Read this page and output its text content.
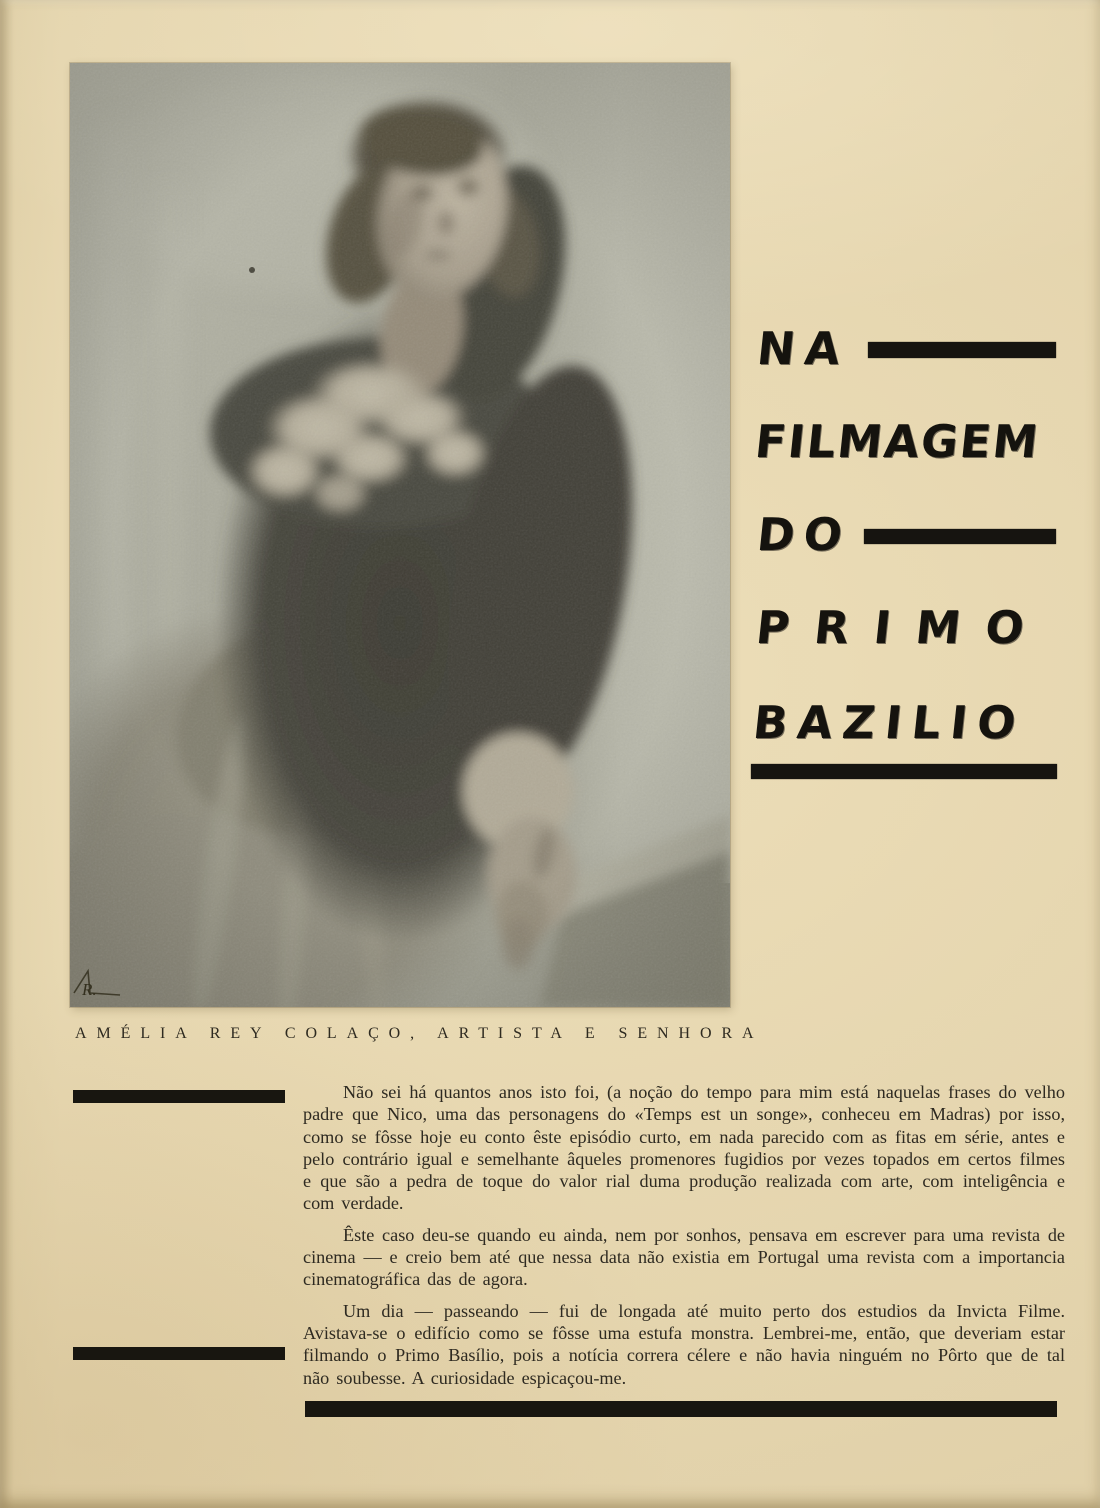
R.
AMÉLIA REY COLAÇO, ARTISTA E SENHORA
NA
FILMAGEM
DO
PRIMO
BAZILIO

Não sei há quantos anos isto foi, (a noção do tempo para mim está naquelas frases do velho padre que Nico, uma das personagens do «Temps est un songe», conheceu em Madras) por isso, como se fôsse hoje eu conto êste episódio curto, em nada parecido com as fitas em série, antes e pelo contrário igual e semelhante âqueles promenores fugidios por vezes topados em certos filmes e que são a pedra de toque do valor rial duma produção realizada com arte, com inteligência e com verdade.

Êste caso deu-se quando eu ainda, nem por sonhos, pensava em escrever para uma revista de cinema — e creio bem até que nessa data não existia em Portugal uma revista com a importancia cinematográfica das de agora.

Um dia — passeando — fui de longada até muito perto dos estudios da Invicta Filme. Avistava-se o edifício como se fôsse uma estufa monstra. Lembrei-me, então, que deveriam estar filmando o Primo Basílio, pois a notícia correra célere e não havia ninguém no Pôrto que de tal não soubesse. A curiosidade espicaçou-me.
